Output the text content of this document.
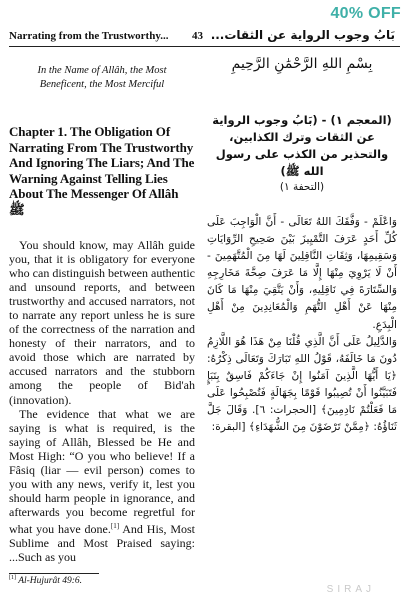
Narrating from the Trustworthy... 43 بَابُ وجوب الرواية عن الثقات...
40% OFF
In the Name of Allâh, the Most Beneficent, the Most Merciful
Chapter 1. The Obligation Of Narrating From The Trustworthy And Ignoring The Liars; And The Warning Against Telling Lies About The Messenger Of Allâh ﷺ

You should know, may Allâh guide you, that it is obligatory for everyone who can distinguish between authentic and unsound reports, and between trustworthy and accused narrators, not to narrate any report unless he is sure of the correctness of the narration and honesty of their narrators, and to avoid those which are narrated by accused narrators and the stubborn among the people of Bid'ah (innovation).

The evidence that what we are saying is what is required, is the saying of Allâh, Blessed be He and Most High: “O you who believe! If a Fâsiq (liar — evil person) comes to you with any news, verify it, lest you should harm people in ignorance, and afterwards you become regretful for what you have done.[1] And His, Most Sublime and Most Praised saying: ...Such as you

بِسْمِ اللهِ الرَّحْمَٰنِ الرَّحِيمِ
(المعجم ١) - (بَابُ وجوب الرواية عن الثقات وترك الكذابين، والتحذير من الكذب على رسول الله ﷺ)
(التحفة ١)

وَاعْلَمْ - وَفَّقَكَ اللهُ تَعَالَى - أَنَّ الْوَاجِبَ عَلَى كُلِّ أَحَدٍ عَرَفَ التَّمْيِيزَ بَيْنَ صَحِيحِ الرِّوَايَاتِ وَسَقِيمِهَا، وَثِقَاتِ النَّاقِلِينَ لَهَا مِنَ الْمُتَّهَمِينَ - أَنْ لَا يَرْوِيَ مِنْهَا إِلَّا مَا عَرَفَ صِحَّةَ مَخَارِجِهِ وَالسِّتَارَةَ فِي نَاقِلِيهِ، وَأَنْ يَتَّقِيَ مِنْهَا مَا كَانَ مِنْهَا عَنْ أَهْلِ التُّهَمِ وَالْمُعَانِدِينَ مِنْ أَهْلِ الْبِدَعِ.

وَالدَّلِيلُ عَلَى أَنَّ الَّذِي قُلْنَا مِنْ هَذَا هُوَ اللَّازِمُ دُونَ مَا خَالَفَهُ، قَوْلُ اللهِ تَبَارَكَ وَتَعَالَى ذِكْرُهُ: ﴿يَا أَيُّهَا الَّذِينَ آمَنُوا إِنْ جَاءَكُمْ فَاسِقٌ بِنَبَإٍ فَتَبَيَّنُوا أَنْ تُصِيبُوا قَوْمًا بِجَهَالَةٍ فَتُصْبِحُوا عَلَى مَا فَعَلْتُمْ نَادِمِينَ﴾ [الحجرات: ٦]. وَقَالَ جَلَّ ثَنَاؤُهُ: ﴿مِمَّنْ تَرْضَوْنَ مِنَ الشُّهَدَاءِ﴾ [البقرة:

[1] Al-Hujurât 49:6.
SIRAJ
